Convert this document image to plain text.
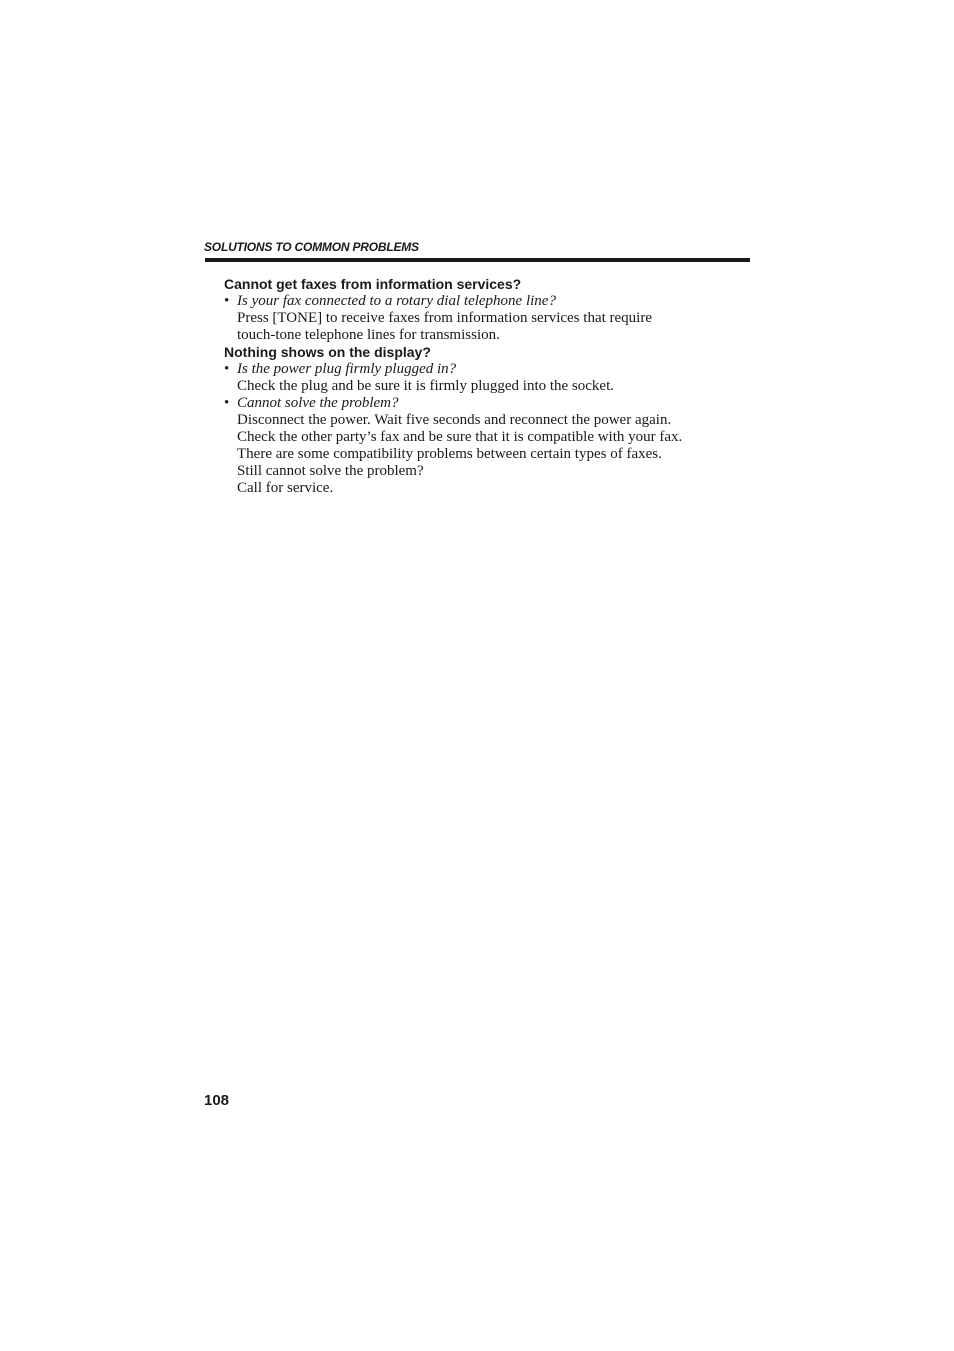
SOLUTIONS TO COMMON PROBLEMS
Cannot get faxes from information services?
• Is your fax connected to a rotary dial telephone line?
Press [TONE] to receive faxes from information services that require
touch-tone telephone lines for transmission.
Nothing shows on the display?
• Is the power plug firmly plugged in?
Check the plug and be sure it is firmly plugged into the socket.
• Cannot solve the problem?
Disconnect the power. Wait five seconds and reconnect the power again.
Check the other party’s fax and be sure that it is compatible with your fax.
There are some compatibility problems between certain types of faxes.
Still cannot solve the problem?
Call for service.
108
